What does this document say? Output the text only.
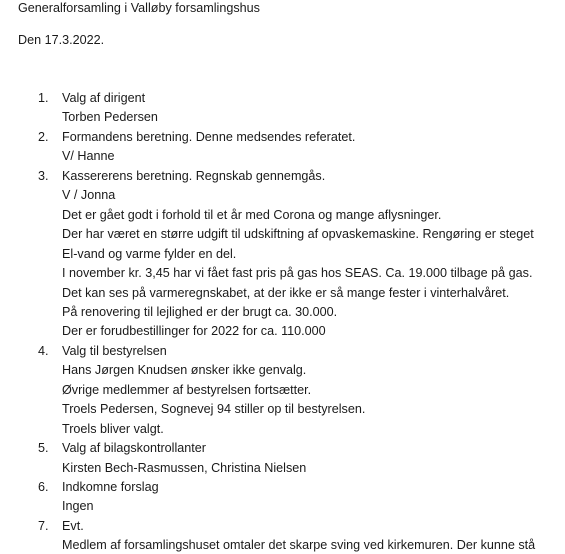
Generalforsamling i Valløby forsamlingshus
Den 17.3.2022.
1. Valg af dirigent
Torben Pedersen
2. Formandens beretning. Denne medsendes referatet.
V/ Hanne
3. Kassererens beretning. Regnskab gennemgås.
V / Jonna
Det er gået godt i forhold til et år med Corona og mange aflysninger.
Der har været en større udgift til udskiftning af opvaskemaskine. Rengøring er steget
El-vand og varme fylder en del.
I november kr. 3,45 har vi fået fast pris på gas hos SEAS. Ca. 19.000 tilbage på gas.
Det kan ses på varmeregnskabet, at der ikke er så mange fester i vinterhalvåret.
På renovering til lejlighed er der brugt ca. 30.000.
Der er forudbestillinger for 2022 for ca. 110.000
4. Valg til bestyrelsen
Hans Jørgen Knudsen ønsker ikke genvalg.
Øvrige medlemmer af bestyrelsen fortsætter.
Troels Pedersen, Sognevej 94 stiller op til bestyrelsen.
Troels bliver valgt.
5. Valg af bilagskontrollanter
Kirsten Bech-Rasmussen, Christina Nielsen
6. Indkomne forslag
Ingen
7. Evt.
Medlem af forsamlingshuset omtaler det skarpe sving ved kirkemuren. Der kunne stå
